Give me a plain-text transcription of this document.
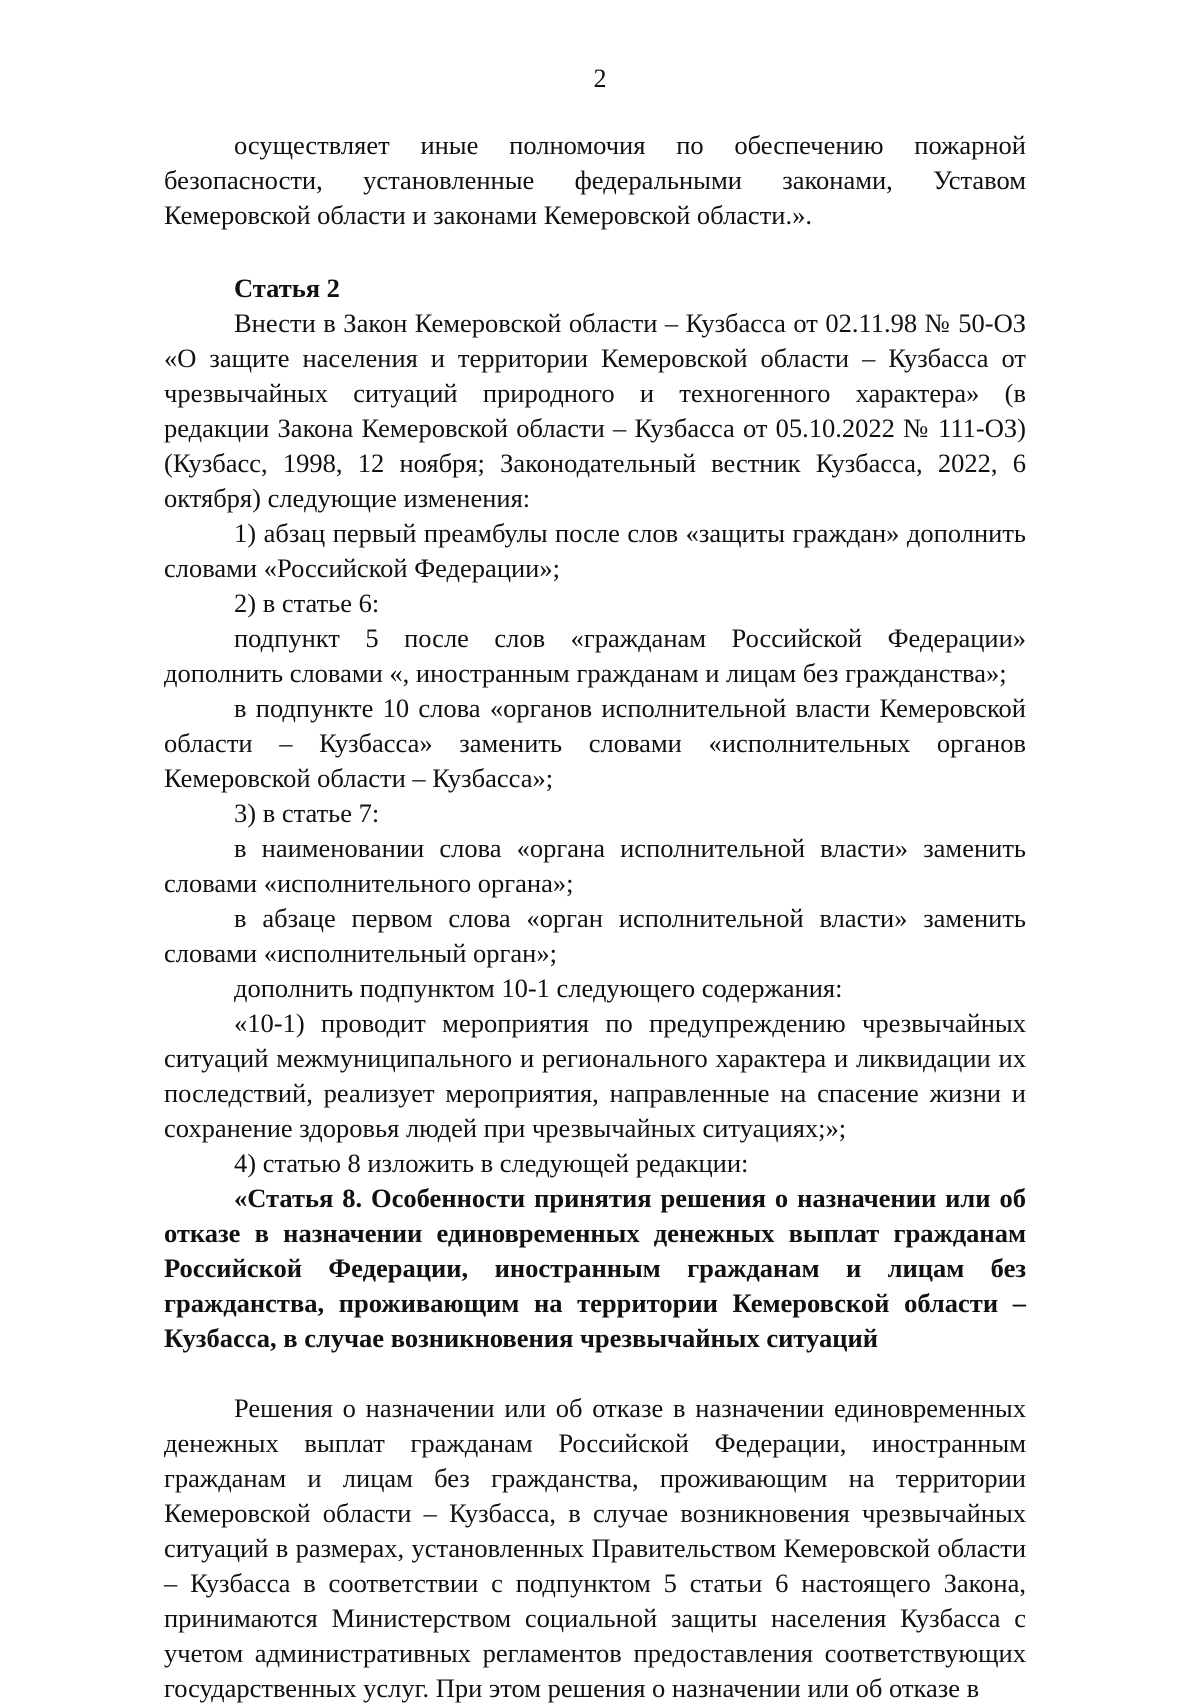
2

осуществляет иные полномочия по обеспечению пожарной безопасности, установленные федеральными законами, Уставом Кемеровской области и законами Кемеровской области.».

Статья 2

Внести в Закон Кемеровской области – Кузбасса от 02.11.98 № 50-ОЗ «О защите населения и территории Кемеровской области – Кузбасса от чрезвычайных ситуаций природного и техногенного характера» (в редакции Закона Кемеровской области – Кузбасса от 05.10.2022 № 111-ОЗ) (Кузбасс, 1998, 12 ноября; Законодательный вестник Кузбасса, 2022, 6 октября) следующие изменения:

1) абзац первый преамбулы после слов «защиты граждан» дополнить словами «Российской Федерации»;

2) в статье 6:

подпункт 5 после слов «гражданам Российской Федерации» дополнить словами «, иностранным гражданам и лицам без гражданства»;

в подпункте 10 слова «органов исполнительной власти Кемеровской области – Кузбасса» заменить словами «исполнительных органов Кемеровской области – Кузбасса»;

3) в статье 7:

в наименовании слова «органа исполнительной власти» заменить словами «исполнительного органа»;

в абзаце первом слова «орган исполнительной власти» заменить словами «исполнительный орган»;

дополнить подпунктом 10-1 следующего содержания:

«10-1) проводит мероприятия по предупреждению чрезвычайных ситуаций межмуниципального и регионального характера и ликвидации их последствий, реализует мероприятия, направленные на спасение жизни и сохранение здоровья людей при чрезвычайных ситуациях;»;

4) статью 8 изложить в следующей редакции:

«Статья 8. Особенности принятия решения о назначении или об отказе в назначении единовременных денежных выплат гражданам Российской Федерации, иностранным гражданам и лицам без гражданства, проживающим на территории Кемеровской области – Кузбасса, в случае возникновения чрезвычайных ситуаций

Решения о назначении или об отказе в назначении единовременных денежных выплат гражданам Российской Федерации, иностранным гражданам и лицам без гражданства, проживающим на территории Кемеровской области – Кузбасса, в случае возникновения чрезвычайных ситуаций в размерах, установленных Правительством Кемеровской области – Кузбасса в соответствии с подпунктом 5 статьи 6 настоящего Закона, принимаются Министерством социальной защиты населения Кузбасса с учетом административных регламентов предоставления соответствующих государственных услуг. При этом решения о назначении или об отказе в
